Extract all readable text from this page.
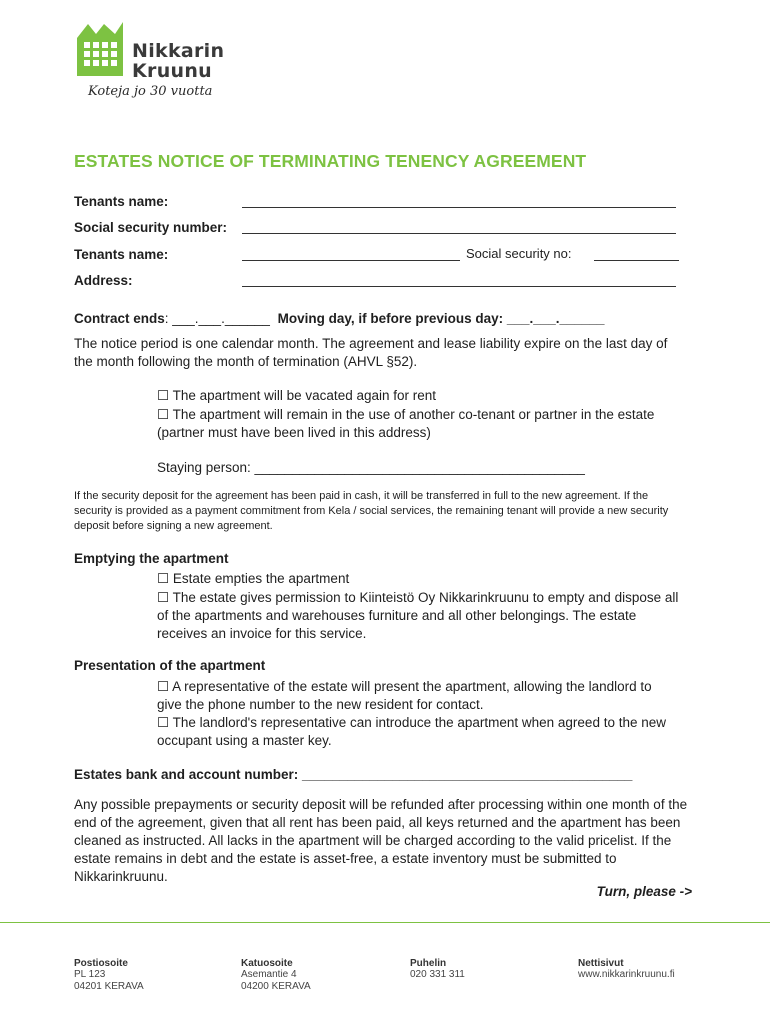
Nikkarin
Kruunu
Koteja jo 30 vuotta
ESTATES NOTICE OF TERMINATING TENENCY AGREEMENT
Tenants name:
Social security number:
Tenants name:	Social security no:
Address:
Contract ends: ___.___.______ Moving day, if before previous day: ___.___.______
The notice period is one calendar month. The agreement and lease liability expire on the last day of the month following the month of termination (AHVL §52).
☐ The apartment will be vacated again for rent
☐ The apartment will remain in the use of another co-tenant or partner in the estate (partner must have been lived in this address)
Staying person: ____________________________________________
If the security deposit for the agreement has been paid in cash, it will be transferred in full to the new agreement. If the security is provided as a payment commitment from Kela / social services, the remaining tenant will provide a new security deposit before signing a new agreement.
Emptying the apartment
☐ Estate empties the apartment
☐ The estate gives permission to Kiinteistö Oy Nikkarinkruunu to empty and dispose all of the apartments and warehouses furniture and all other belongings. The estate receives an invoice for this service.
Presentation of the apartment
☐ A representative of the estate will present the apartment, allowing the landlord to give the phone number to the new resident for contact.
☐ The landlord's representative can introduce the apartment when agreed to the new occupant using a master key.
Estates bank and account number: ____________________________________________
Any possible prepayments or security deposit will be refunded after processing within one month of the end of the agreement, given that all rent has been paid, all keys returned and the apartment has been cleaned as instructed. All lacks in the apartment will be charged according to the valid pricelist. If the estate remains in debt and the estate is asset-free, a estate inventory must be submitted to Nikkarinkruunu.
Turn, please ->
Postiosoite
PL 123
04201 KERAVA
Katuosoite
Asemantie 4
04200 KERAVA
Puhelin
020 331 311
Nettisivut
www.nikkarinkruunu.fi
